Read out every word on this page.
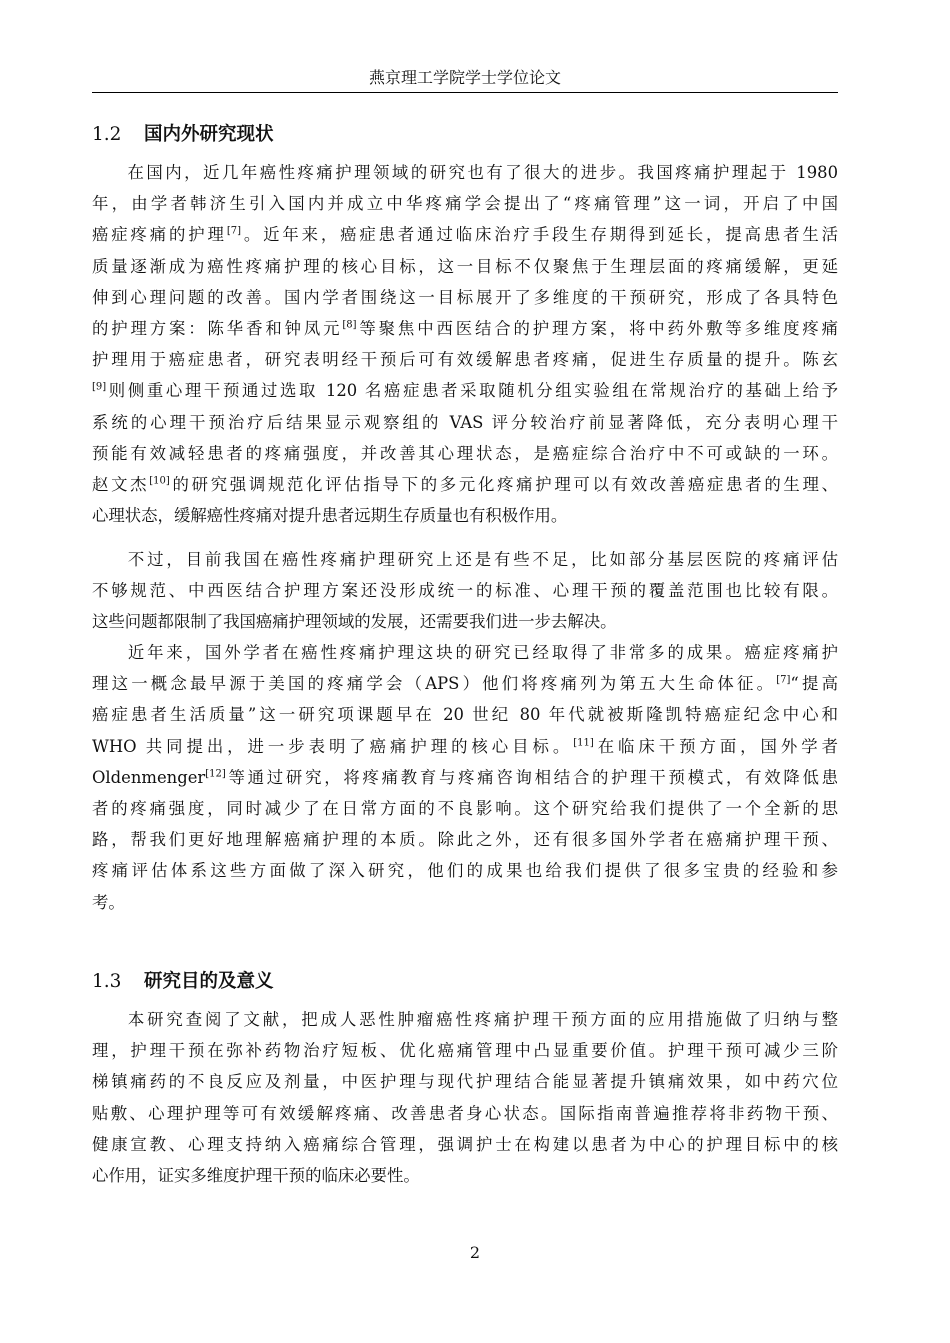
燕京理工学院学士学位论文
1.2 国内外研究现状
在国内，近几年癌性疼痛护理领域的研究也有了很大的进步。我国疼痛护理起于 1980
年，由学者韩济生引入国内并成立中华疼痛学会提出了“疼痛管理”这一词，开启了中国
癌症疼痛的护理[7]。近年来，癌症患者通过临床治疗手段生存期得到延长，提高患者生活
质量逐渐成为癌性疼痛护理的核心目标，这一目标不仅聚焦于生理层面的疼痛缓解，更延
伸到心理问题的改善。国内学者围绕这一目标展开了多维度的干预研究，形成了各具特色
的护理方案：陈华香和钟凤元[8]等聚焦中西医结合的护理方案，将中药外敷等多维度疼痛
护理用于癌症患者，研究表明经干预后可有效缓解患者疼痛，促进生存质量的提升。陈玄
[9]则侧重心理干预通过选取 120 名癌症患者采取随机分组实验组在常规治疗的基础上给予
系统的心理干预治疗后结果显示观察组的 VAS 评分较治疗前显著降低，充分表明心理干
预能有效减轻患者的疼痛强度，并改善其心理状态，是癌症综合治疗中不可或缺的一环。
赵文杰[10]的研究强调规范化评估指导下的多元化疼痛护理可以有效改善癌症患者的生理、
心理状态，缓解癌性疼痛对提升患者远期生存质量也有积极作用。
不过，目前我国在癌性疼痛护理研究上还是有些不足，比如部分基层医院的疼痛评估
不够规范、中西医结合护理方案还没形成统一的标准、心理干预的覆盖范围也比较有限。
这些问题都限制了我国癌痛护理领域的发展，还需要我们进一步去解决。
近年来，国外学者在癌性疼痛护理这块的研究已经取得了非常多的成果。癌症疼痛护
理这一概念最早源于美国的疼痛学会（APS）他们将疼痛列为第五大生命体征。[7]“提高
癌症患者生活质量”这一研究项课题早在 20 世纪 80 年代就被斯隆凯特癌症纪念中心和
WHO 共同提出，进一步表明了癌痛护理的核心目标。[11]在临床干预方面，国外学者
Oldenmenger[12]等通过研究，将疼痛教育与疼痛咨询相结合的护理干预模式，有效降低患
者的疼痛强度，同时减少了在日常方面的不良影响。这个研究给我们提供了一个全新的思
路，帮我们更好地理解癌痛护理的本质。除此之外，还有很多国外学者在癌痛护理干预、
疼痛评估体系这些方面做了深入研究，他们的成果也给我们提供了很多宝贵的经验和参
考。
1.3 研究目的及意义
本研究查阅了文献，把成人恶性肿瘤癌性疼痛护理干预方面的应用措施做了归纳与整
理，护理干预在弥补药物治疗短板、优化癌痛管理中凸显重要价值。护理干预可减少三阶
梯镇痛药的不良反应及剂量，中医护理与现代护理结合能显著提升镇痛效果，如中药穴位
贴敷、心理护理等可有效缓解疼痛、改善患者身心状态。国际指南普遍推荐将非药物干预、
健康宣教、心理支持纳入癌痛综合管理，强调护士在构建以患者为中心的护理目标中的核
心作用，证实多维度护理干预的临床必要性。
2
